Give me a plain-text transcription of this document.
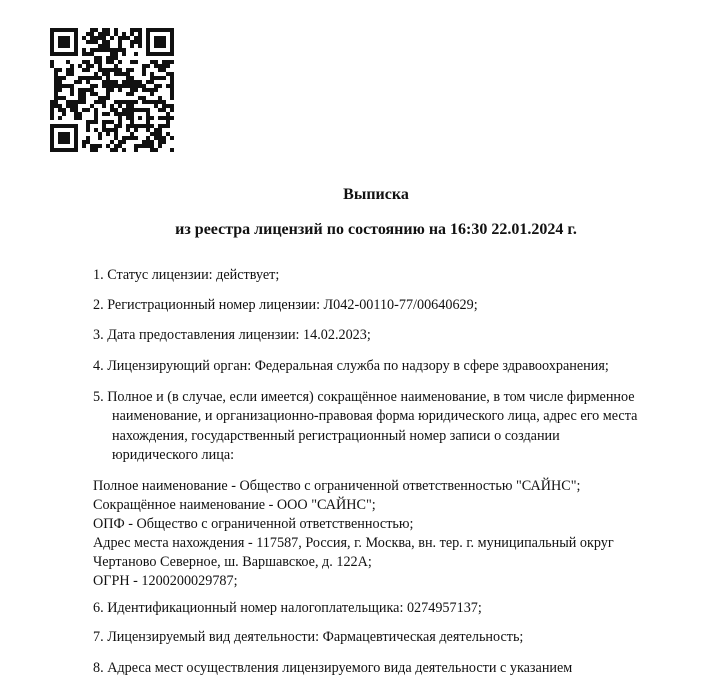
Выписка
из реестра лицензий по состоянию на 16:30 22.01.2024 г.
1. Статус лицензии: действует;
2. Регистрационный номер лицензии: Л042-00110-77/00640629;
3. Дата предоставления лицензии: 14.02.2023;
4. Лицензирующий орган: Федеральная служба по надзору в сфере здравоохранения;
5. Полное и (в случае, если имеется) сокращённое наименование, в том числе фирменное
наименование, и организационно-правовая форма юридического лица, адрес его места
нахождения, государственный регистрационный номер записи о создании
юридического лица:
Полное наименование - Общество с ограниченной ответственностью "САЙНС";
Сокращённое наименование - ООО "САЙНС";
ОПФ - Общество с ограниченной ответственностью;
Адрес места нахождения - 117587, Россия, г. Москва, вн. тер. г. муниципальный округ
Чертаново Северное, ш. Варшавское, д. 122А;
ОГРН - 1200200029787;
6. Идентификационный номер налогоплательщика: 0274957137;
7. Лицензируемый вид деятельности: Фармацевтическая деятельность;
8. Адреса мест осуществления лицензируемого вида деятельности с указанием
